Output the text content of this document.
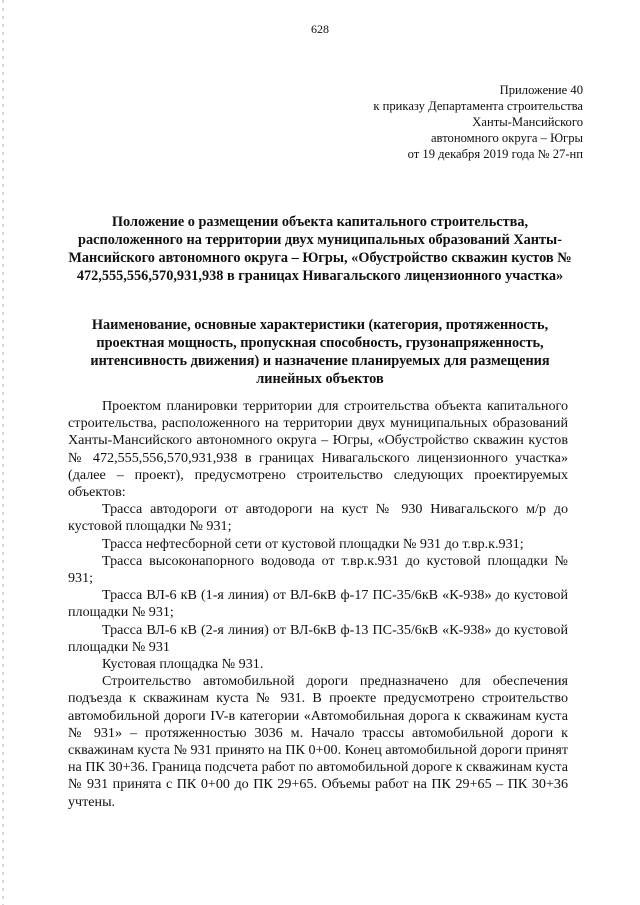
628
Приложение 40
к приказу Департамента строительства
Ханты-Мансийского
автономного округа – Югры
от 19 декабря 2019 года № 27-нп
Положение о размещении объекта капитального строительства, расположенного на территории двух муниципальных образований Ханты-Мансийского автономного округа – Югры, «Обустройство скважин кустов № 472,555,556,570,931,938 в границах Нивагальского лицензионного участка»
Наименование, основные характеристики (категория, протяженность, проектная мощность, пропускная способность, грузонапряженность, интенсивность движения) и назначение планируемых для размещения линейных объектов

Проектом планировки территории для строительства объекта капитального строительства, расположенного на территории двух муниципальных образований Ханты-Мансийского автономного округа – Югры, «Обустройство скважин кустов № 472,555,556,570,931,938 в границах Нивагальского лицензионного участка» (далее – проект), предусмотрено строительство следующих проектируемых объектов:

Трасса автодороги от автодороги на куст № 930 Нивагальского м/р до кустовой площадки № 931;

Трасса нефтесборной сети от кустовой площадки № 931 до т.вр.к.931;

Трасса высоконапорного водовода от т.вр.к.931 до кустовой площадки № 931;

Трасса ВЛ-6 кВ (1-я линия) от ВЛ-6кВ ф-17 ПС-35/6кВ «К-938» до кустовой площадки № 931;

Трасса ВЛ-6 кВ (2-я линия) от ВЛ-6кВ ф-13 ПС-35/6кВ «К-938» до кустовой площадки № 931

Кустовая площадка № 931.

Строительство автомобильной дороги предназначено для обеспечения подъезда к скважинам куста № 931. В проекте предусмотрено строительство автомобильной дороги IV-в категории «Автомобильная дорога к скважинам куста № 931» – протяженностью 3036 м. Начало трассы автомобильной дороги к скважинам куста № 931 принято на ПК 0+00. Конец автомобильной дороги принят на ПК 30+36. Граница подсчета работ по автомобильной дороге к скважинам куста № 931 принята с ПК 0+00 до ПК 29+65. Объемы работ на ПК 29+65 – ПК 30+36 учтены.
